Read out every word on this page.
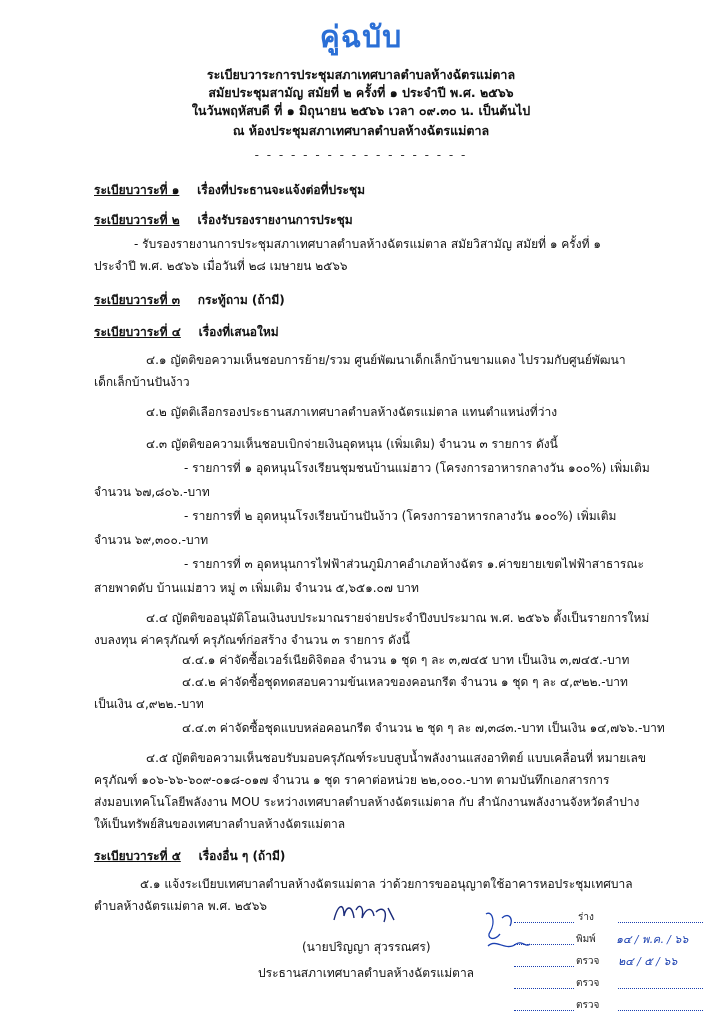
คู่ฉบับ
ระเบียบวาระการประชุมสภาเทศบาลตำบลห้างฉัตรแม่ตาล
สมัยประชุมสามัญ สมัยที่ ๒ ครั้งที่ ๑ ประจำปี พ.ศ. ๒๕๖๖
ในวันพฤหัสบดี ที่ ๑ มิถุนายน ๒๕๖๖ เวลา ๐๙.๓๐ น. เป็นต้นไป
ณ ห้องประชุมสภาเทศบาลตำบลห้างฉัตรแม่ตาล
- - - - - - - - - - - - - - - - - -
ระเบียบวาระที่ ๑ เรื่องที่ประธานจะแจ้งต่อที่ประชุม
ระเบียบวาระที่ ๒ เรื่องรับรองรายงานการประชุม
- รับรองรายงานการประชุมสภาเทศบาลตำบลห้างฉัตรแม่ตาล สมัยวิสามัญ สมัยที่ ๑ ครั้งที่ ๑
ประจำปี พ.ศ. ๒๕๖๖ เมื่อวันที่ ๒๘ เมษายน ๒๕๖๖
ระเบียบวาระที่ ๓ กระทู้ถาม (ถ้ามี)
ระเบียบวาระที่ ๔ เรื่องที่เสนอใหม่
๔.๑ ญัตติขอความเห็นชอบการย้าย/รวม ศูนย์พัฒนาเด็กเล็กบ้านขามแดง ไปรวมกับศูนย์พัฒนา
เด็กเล็กบ้านปันง้าว
๔.๒ ญัตติเลือกรองประธานสภาเทศบาลตำบลห้างฉัตรแม่ตาล แทนตำแหน่งที่ว่าง
๔.๓ ญัตติขอความเห็นชอบเบิกจ่ายเงินอุดหนุน (เพิ่มเติม) จำนวน ๓ รายการ ดังนี้
- รายการที่ ๑ อุดหนุนโรงเรียนชุมชนบ้านแม่ฮาว (โครงการอาหารกลางวัน ๑๐๐%) เพิ่มเติม
จำนวน ๖๗,๘๐๖.-บาท
- รายการที่ ๒ อุดหนุนโรงเรียนบ้านปันง้าว (โครงการอาหารกลางวัน ๑๐๐%) เพิ่มเติม
จำนวน ๖๙,๓๐๐.-บาท
- รายการที่ ๓ อุดหนุนการไฟฟ้าส่วนภูมิภาคอำเภอห้างฉัตร ๑.ค่าขยายเขตไฟฟ้าสาธารณะ
สายพาดดับ บ้านแม่ฮาว หมู่ ๓ เพิ่มเติม จำนวน ๕,๖๕๑.๐๗ บาท
๔.๔ ญัตติขออนุมัติโอนเงินงบประมาณรายจ่ายประจำปีงบประมาณ พ.ศ. ๒๕๖๖ ตั้งเป็นรายการใหม่
งบลงทุน ค่าครุภัณฑ์ ครุภัณฑ์ก่อสร้าง จำนวน ๓ รายการ ดังนี้
๔.๔.๑ ค่าจัดซื้อเวอร์เนียดิจิตอล จำนวน ๑ ชุด ๆ ละ ๓,๗๔๕ บาท เป็นเงิน ๓,๗๔๕.-บาท
๔.๔.๒ ค่าจัดซื้อชุดทดสอบความข้นเหลวของคอนกรีต จำนวน ๑ ชุด ๆ ละ ๔,๙๒๒.-บาท
เป็นเงิน ๔,๙๒๒.-บาท
๔.๔.๓ ค่าจัดซื้อชุดแบบหล่อคอนกรีต จำนวน ๒ ชุด ๆ ละ ๗,๓๘๓.-บาท เป็นเงิน ๑๔,๗๖๖.-บาท
๔.๕ ญัตติขอความเห็นชอบรับมอบครุภัณฑ์ระบบสูบน้ำพลังงานแสงอาทิตย์ แบบเคลื่อนที่ หมายเลข
ครุภัณฑ์ ๑๐๖-๖๖-๖๐๙-๐๑๘-๐๑๗ จำนวน ๑ ชุด ราคาต่อหน่วย ๒๒,๐๐๐.-บาท ตามบันทึกเอกสารการ
ส่งมอบเทคโนโลยีพลังงาน MOU ระหว่างเทศบาลตำบลห้างฉัตรแม่ตาล กับ สำนักงานพลังงานจังหวัดลำปาง
ให้เป็นทรัพย์สินของเทศบาลตำบลห้างฉัตรแม่ตาล
ระเบียบวาระที่ ๕ เรื่องอื่น ๆ (ถ้ามี)
๕.๑ แจ้งระเบียบเทศบาลตำบลห้างฉัตรแม่ตาล ว่าด้วยการขออนุญาตใช้อาคารหอประชุมเทศบาล
ตำบลห้างฉัตรแม่ตาล พ.ศ. ๒๕๖๖
(นายปริญญา สุวรรณศร)
ประธานสภาเทศบาลตำบลห้างฉัตรแม่ตาล
ร่าง
พิมพ์ ๑๔ / พ.ค. / ๖๖
ตรวจ ๒๔ / ๕ / ๖๖
ตรวจ
ตรวจ
